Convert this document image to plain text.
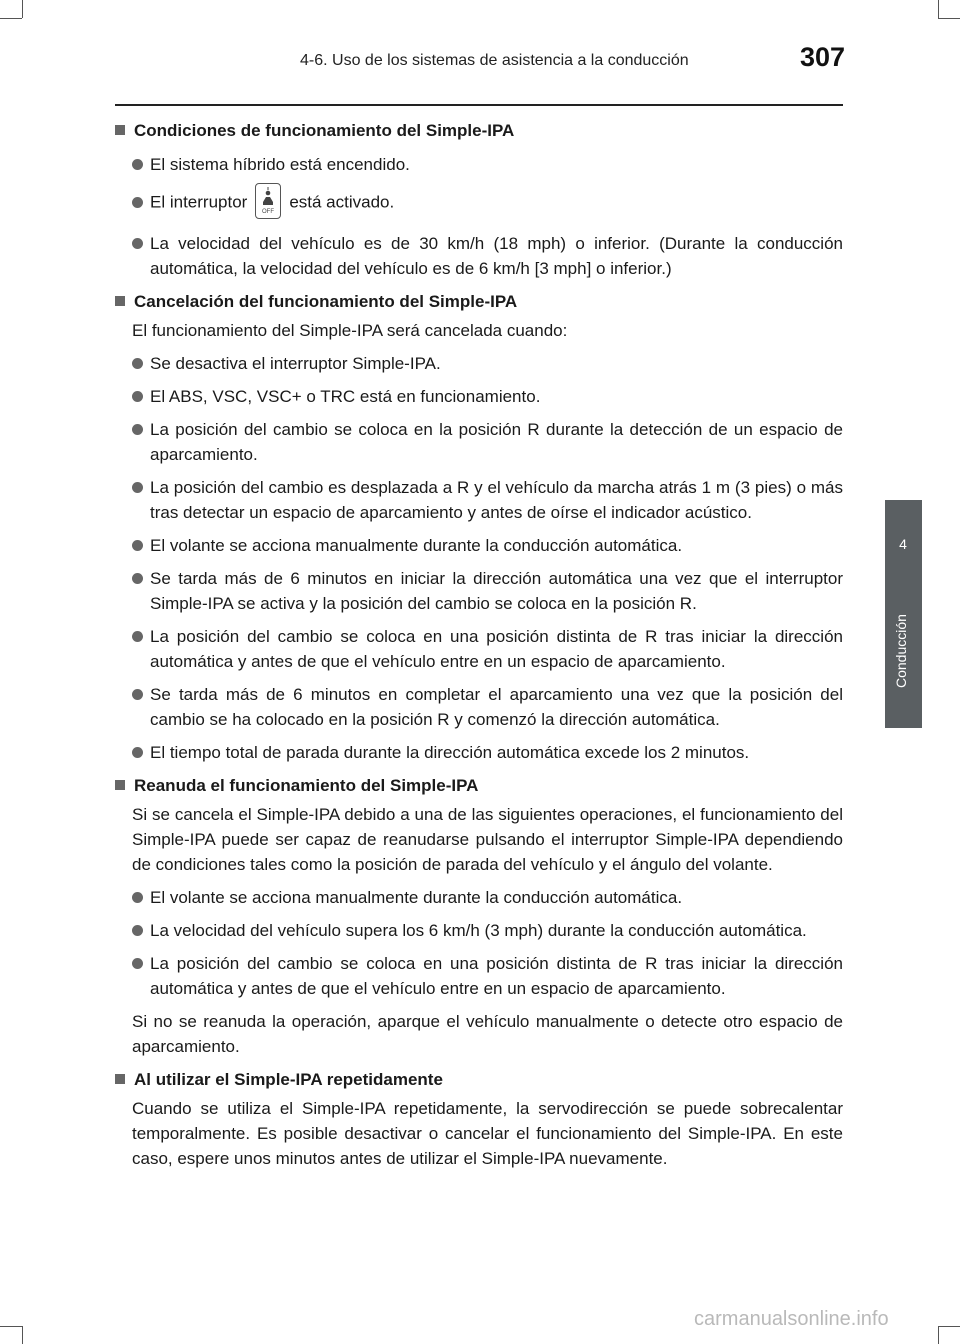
4-6. Uso de los sistemas de asistencia a la conducción	307
4
Conducción
Condiciones de funcionamiento del Simple-IPA
El sistema híbrido está encendido.
El interruptor
OFF
está activado.
La velocidad del vehículo es de 30 km/h (18 mph) o inferior. (Durante la conducción automática, la velocidad del vehículo es de 6 km/h [3 mph] o inferior.)
Cancelación del funcionamiento del Simple-IPA
El funcionamiento del Simple-IPA será cancelada cuando:
Se desactiva el interruptor Simple-IPA.
El ABS, VSC, VSC+ o TRC está en funcionamiento.
La posición del cambio se coloca en la posición R durante la detección de un espacio de aparcamiento.
La posición del cambio es desplazada a R y el vehículo da marcha atrás 1 m (3 pies) o más tras detectar un espacio de aparcamiento y antes de oírse el indicador acústico.
El volante se acciona manualmente durante la conducción automática.
Se tarda más de 6 minutos en iniciar la dirección automática una vez que el interruptor Simple-IPA se activa y la posición del cambio se coloca en la posición R.
La posición del cambio se coloca en una posición distinta de R tras iniciar la dirección automática y antes de que el vehículo entre en un espacio de aparcamiento.
Se tarda más de 6 minutos en completar el aparcamiento una vez que la posición del cambio se ha colocado en la posición R y comenzó la dirección automática.
El tiempo total de parada durante la dirección automática excede los 2 minutos.
Reanuda el funcionamiento del Simple-IPA
Si se cancela el Simple-IPA debido a una de las siguientes operaciones, el funcionamiento del Simple-IPA puede ser capaz de reanudarse pulsando el interruptor Simple-IPA dependiendo de condiciones tales como la posición de parada del vehículo y el ángulo del volante.
El volante se acciona manualmente durante la conducción automática.
La velocidad del vehículo supera los 6 km/h (3 mph) durante la conducción automática.
La posición del cambio se coloca en una posición distinta de R tras iniciar la dirección automática y antes de que el vehículo entre en un espacio de aparcamiento.
Si no se reanuda la operación, aparque el vehículo manualmente o detecte otro espacio de aparcamiento.
Al utilizar el Simple-IPA repetidamente
Cuando se utiliza el Simple-IPA repetidamente, la servodirección se puede sobrecalentar temporalmente. Es posible desactivar o cancelar el funcionamiento del Simple-IPA. En este caso, espere unos minutos antes de utilizar el Simple-IPA nuevamente.
carmanualsonline.info
